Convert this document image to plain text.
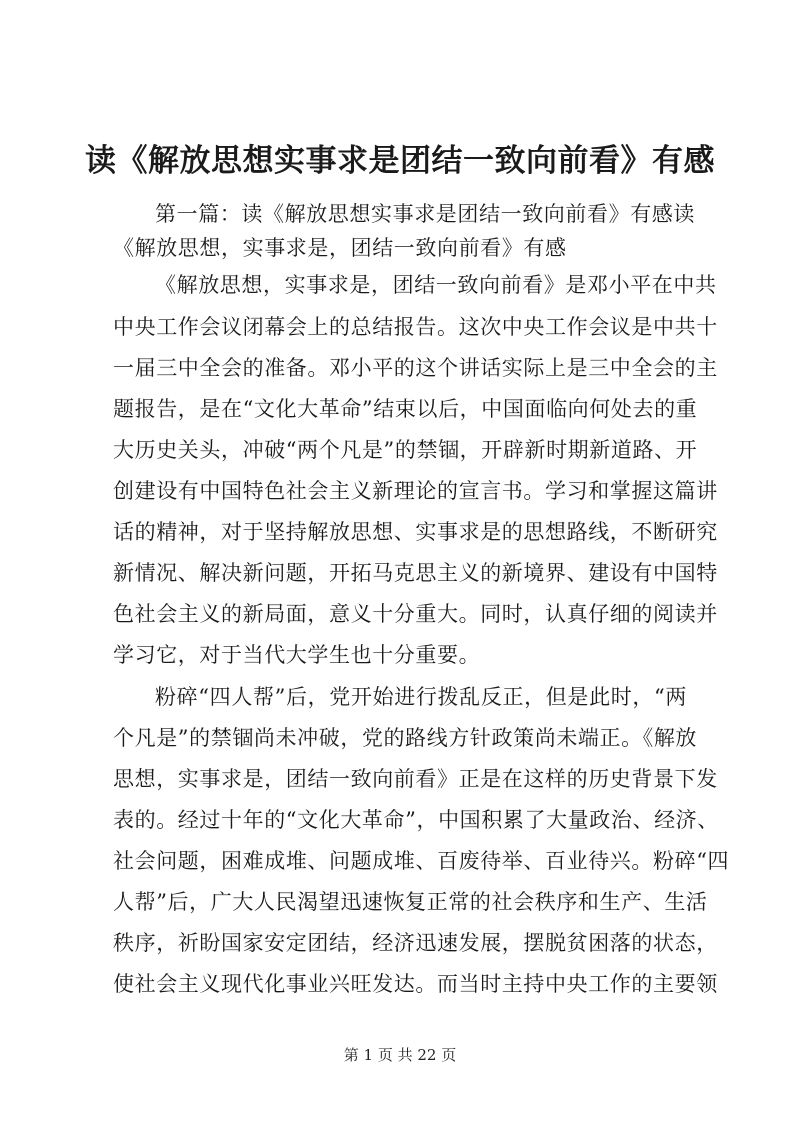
读《解放思想实事求是团结一致向前看》有感
第一篇：读《解放思想实事求是团结一致向前看》有感读
《解放思想，实事求是，团结一致向前看》有感
《解放思想，实事求是，团结一致向前看》是邓小平在中共
中央工作会议闭幕会上的总结报告。这次中央工作会议是中共十
一届三中全会的准备。邓小平的这个讲话实际上是三中全会的主
题报告，是在“文化大革命”结束以后，中国面临向何处去的重
大历史关头，冲破“两个凡是”的禁锢，开辟新时期新道路、开
创建设有中国特色社会主义新理论的宣言书。学习和掌握这篇讲
话的精神，对于坚持解放思想、实事求是的思想路线，不断研究
新情况、解决新问题，开拓马克思主义的新境界、建设有中国特
色社会主义的新局面，意义十分重大。同时，认真仔细的阅读并
学习它，对于当代大学生也十分重要。
粉碎“四人帮”后，党开始进行拨乱反正，但是此时，“两
个凡是”的禁锢尚未冲破，党的路线方针政策尚未端正。《解放
思想，实事求是，团结一致向前看》正是在这样的历史背景下发
表的。经过十年的“文化大革命”，中国积累了大量政治、经济、
社会问题，困难成堆、问题成堆、百废待举、百业待兴。粉碎“四
人帮”后，广大人民渴望迅速恢复正常的社会秩序和生产、生活
秩序，祈盼国家安定团结，经济迅速发展，摆脱贫困落的状态，
使社会主义现代化事业兴旺发达。而当时主持中央工作的主要领
第 1 页 共 22 页
